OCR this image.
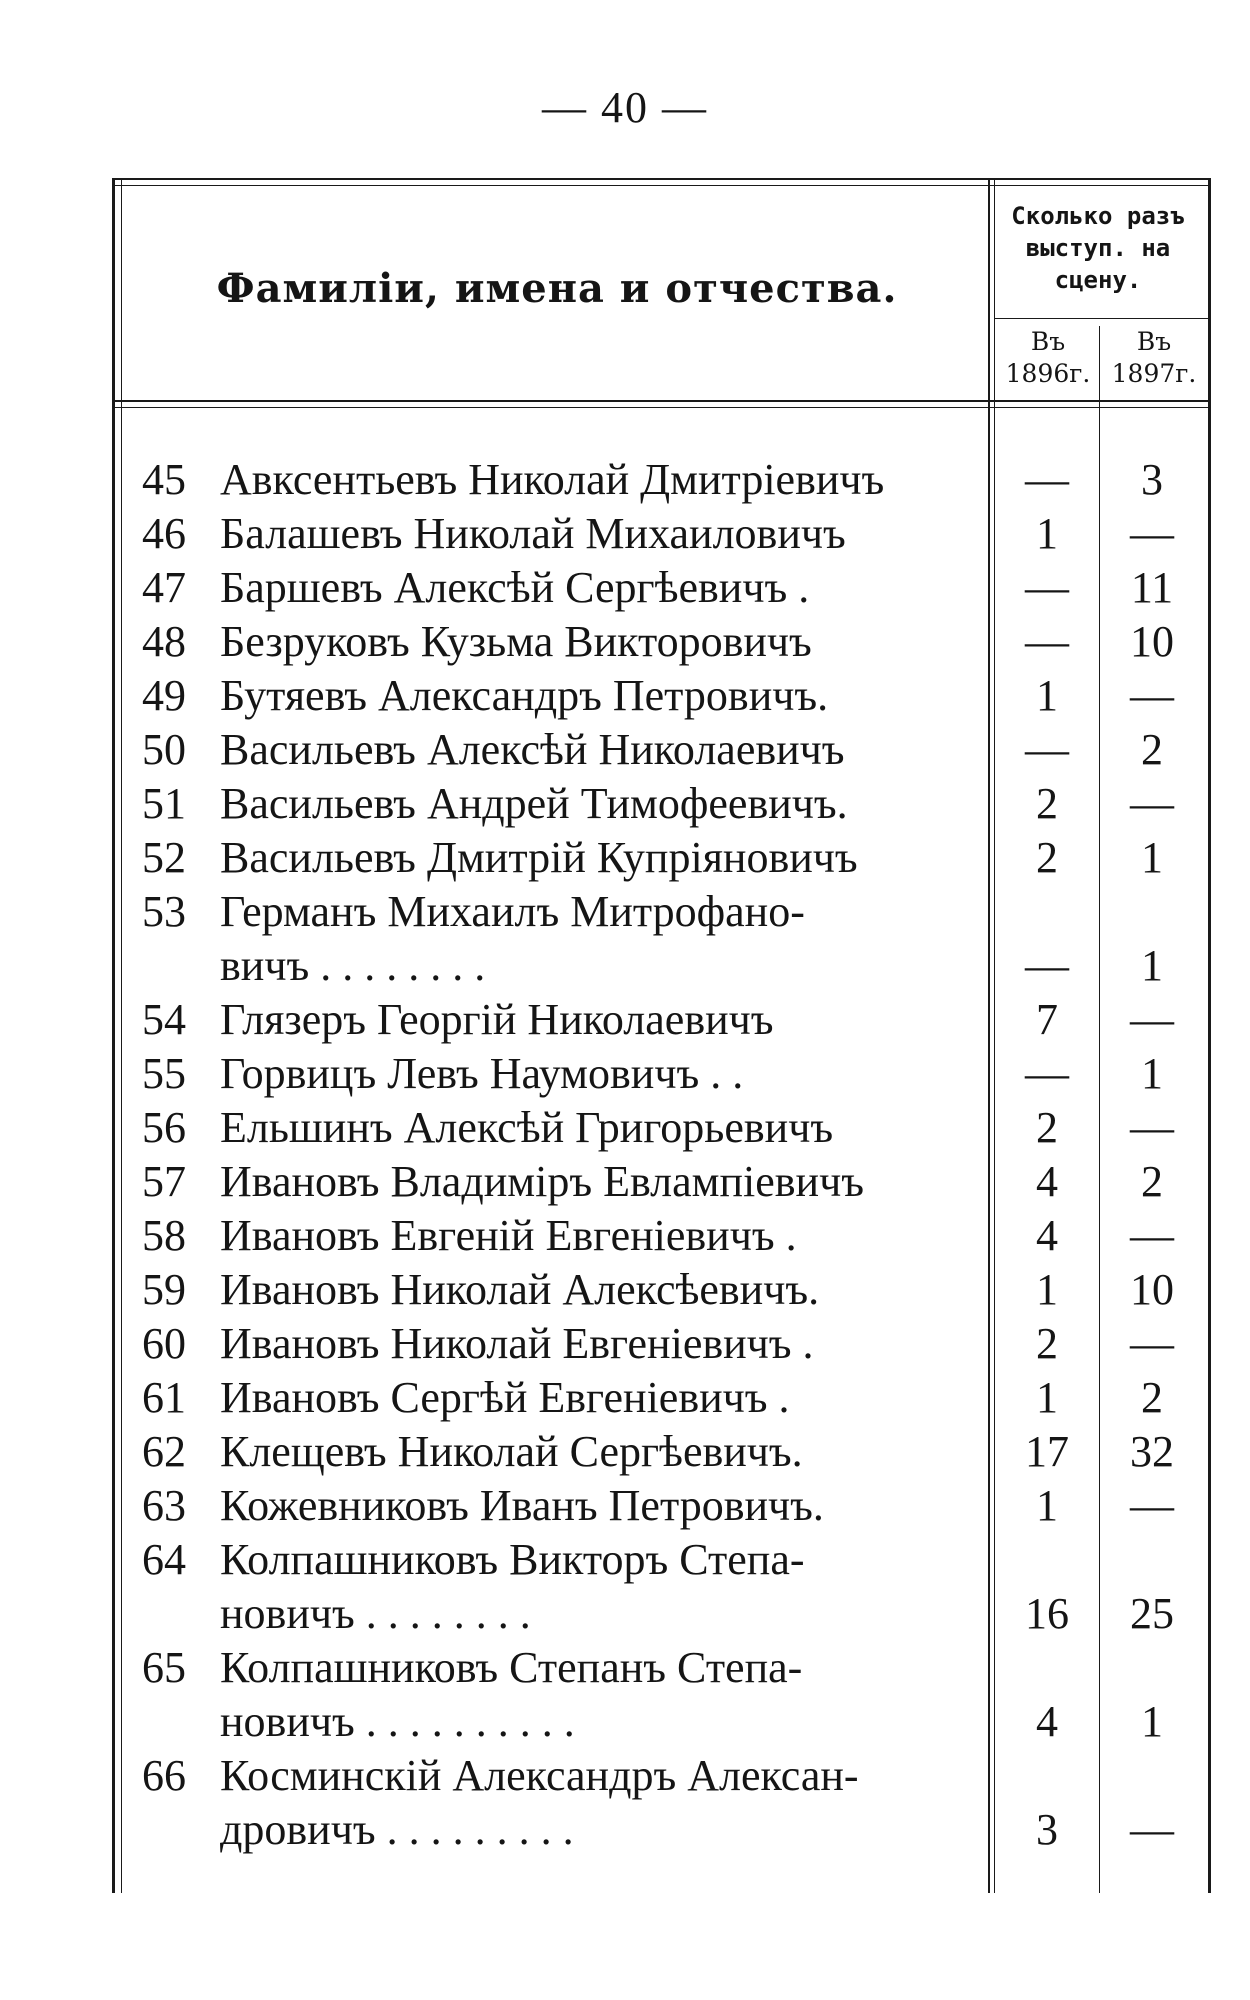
— 40 —
Фамиліи, имена и отчества.
Сколько разъ
выступ. на
сцену.
Въ
1896г.
Въ
1897г.
45 Авксентьевъ Николай Дмитріевичъ	—	3
46 Балашевъ Николай Михаиловичъ	1	—
47 Баршевъ Алексѣй Сергѣевичъ .	—	11
48 Безруковъ Кузьма Викторовичъ	—	10
49 Бутяевъ Александръ Петровичъ.	1	—
50 Васильевъ Алексѣй Николаевичъ	—	2
51 Васильевъ Андрей Тимофеевичъ.	2	—
52 Васильевъ Дмитрій Купріяновичъ	2	1
53 Германъ Михаилъ Митрофано-
вичъ . . . . . . . .	—	1
54 Глязеръ Георгій Николаевичъ	7	—
55 Горвицъ Левъ Наумовичъ . .	—	1
56 Ельшинъ Алексѣй Григорьевичъ	2	—
57 Ивановъ Владиміръ Евлампіевичъ	4	2
58 Ивановъ Евгеній Евгеніевичъ .	4	—
59 Ивановъ Николай Алексѣевичъ.	1	10
60 Ивановъ Николай Евгеніевичъ .	2	—
61 Ивановъ Сергѣй Евгеніевичъ .	1	2
62 Клещевъ Николай Сергѣевичъ.	17	32
63 Кожевниковъ Иванъ Петровичъ.	1	—
64 Колпашниковъ Викторъ Степа-
новичъ . . . . . . . .	16	25
65 Колпашниковъ Степанъ Степа-
новичъ . . . . . . . . . .	4	1
66 Косминскій Александръ Алексан-
дровичъ . . . . . . . . .	3	—
